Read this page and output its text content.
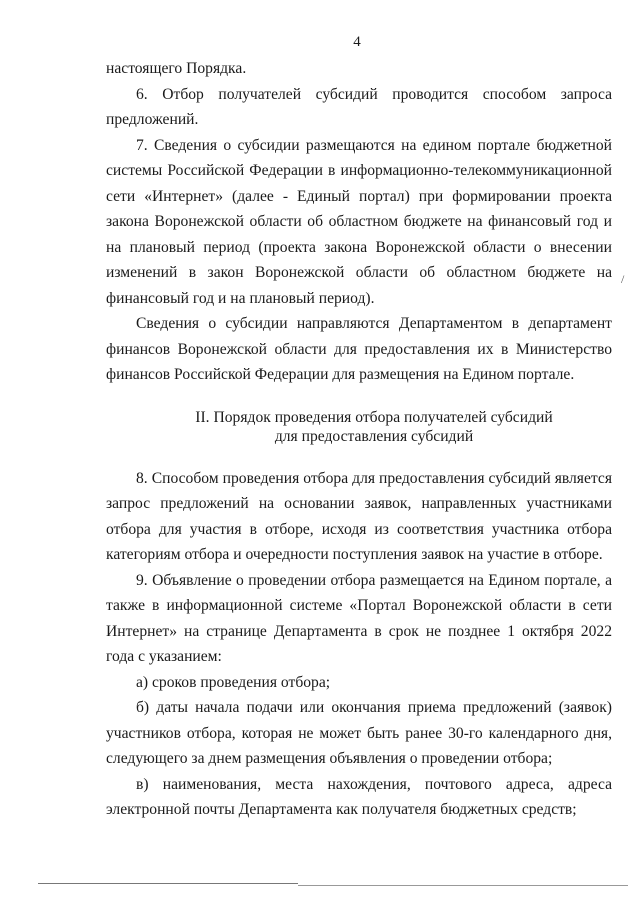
4

настоящего Порядка.

6. Отбор получателей субсидий проводится способом запроса предложений.

7. Сведения о субсидии размещаются на едином портале бюджетной системы Российской Федерации в информационно-телекоммуникационной сети «Интернет» (далее - Единый портал) при формировании проекта закона Воронежской области об областном бюджете на финансовый год и на плановый период (проекта закона Воронежской области о внесении изменений в закон Воронежской области об областном бюджете на финансовый год и на плановый период).

Сведения о субсидии направляются Департаментом в департамент финансов Воронежской области для предоставления их в Министерство финансов Российской Федерации для размещения на Едином портале.

II. Порядок проведения отбора получателей субсидий
для предоставления субсидий

8. Способом проведения отбора для предоставления субсидий является запрос предложений на основании заявок, направленных участниками отбора для участия в отборе, исходя из соответствия участника отбора категориям отбора и очередности поступления заявок на участие в отборе.

9. Объявление о проведении отбора размещается на Едином портале, а также в информационной системе «Портал Воронежской области в сети Интернет» на странице Департамента в срок не позднее 1 октября 2022 года с указанием:

а) сроков проведения отбора;

б) даты начала подачи или окончания приема предложений (заявок) участников отбора, которая не может быть ранее 30-го календарного дня, следующего за днем размещения объявления о проведении отбора;

в) наименования, места нахождения, почтового адреса, адреса электронной почты Департамента как получателя бюджетных средств;

/
